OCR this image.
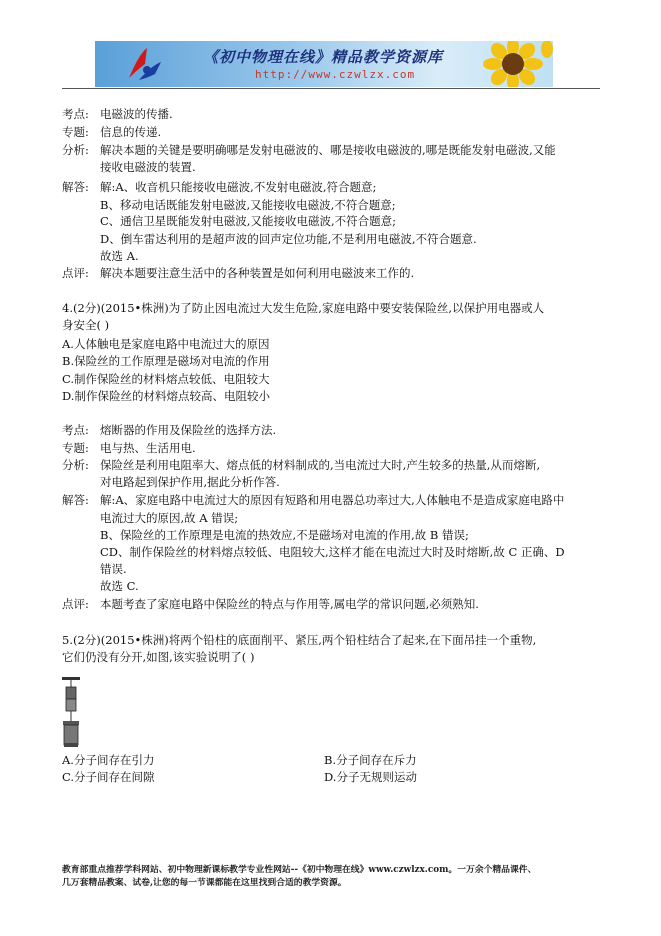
《初中物理在线》精品教学资源库
http://www.czwlzx.com
考点: 电磁波的传播.
专题: 信息的传递.
分析: 解决本题的关键是要明确哪是发射电磁波的、哪是接收电磁波的,哪是既能发射电磁波,又能
接收电磁波的装置.
解答: 解:A、收音机只能接收电磁波,不发射电磁波,符合题意;
B、移动电话既能发射电磁波,又能接收电磁波,不符合题意;
C、通信卫星既能发射电磁波,又能接收电磁波,不符合题意;
D、倒车雷达利用的是超声波的回声定位功能,不是利用电磁波,不符合题意.
故选 A.
点评: 解决本题要注意生活中的各种装置是如何利用电磁波来工作的.
4.(2分)(2015•株洲)为了防止因电流过大发生危险,家庭电路中要安装保险丝,以保护用电器或人
身安全( )
A.人体触电是家庭电路中电流过大的原因
B.保险丝的工作原理是磁场对电流的作用
C.制作保险丝的材料熔点较低、电阻较大
D.制作保险丝的材料熔点较高、电阻较小
考点: 熔断器的作用及保险丝的选择方法.
专题: 电与热、生活用电.
分析: 保险丝是利用电阻率大、熔点低的材料制成的,当电流过大时,产生较多的热量,从而熔断,
对电路起到保护作用,据此分析作答.
解答: 解:A、家庭电路中电流过大的原因有短路和用电器总功率过大,人体触电不是造成家庭电路中
电流过大的原因,故 A 错误;
B、保险丝的工作原理是电流的热效应,不是磁场对电流的作用,故 B 错误;
CD、制作保险丝的材料熔点较低、电阻较大,这样才能在电流过大时及时熔断,故 C 正确、D
错误.
故选 C.
点评: 本题考查了家庭电路中保险丝的特点与作用等,属电学的常识问题,必须熟知.
5.(2分)(2015•株洲)将两个铅柱的底面削平、紧压,两个铅柱结合了起来,在下面吊挂一个重物,
它们仍没有分开,如图,该实验说明了( )
A.分子间存在引力	B.分子间存在斥力
C.分子间存在间隙	D.分子无规则运动
教育部重点推荐学科网站、初中物理新课标教学专业性网站--《初中物理在线》www.czwlzx.com。一万余个精品课件、
几万套精品教案、试卷,让您的每一节课都能在这里找到合适的教学资源。
